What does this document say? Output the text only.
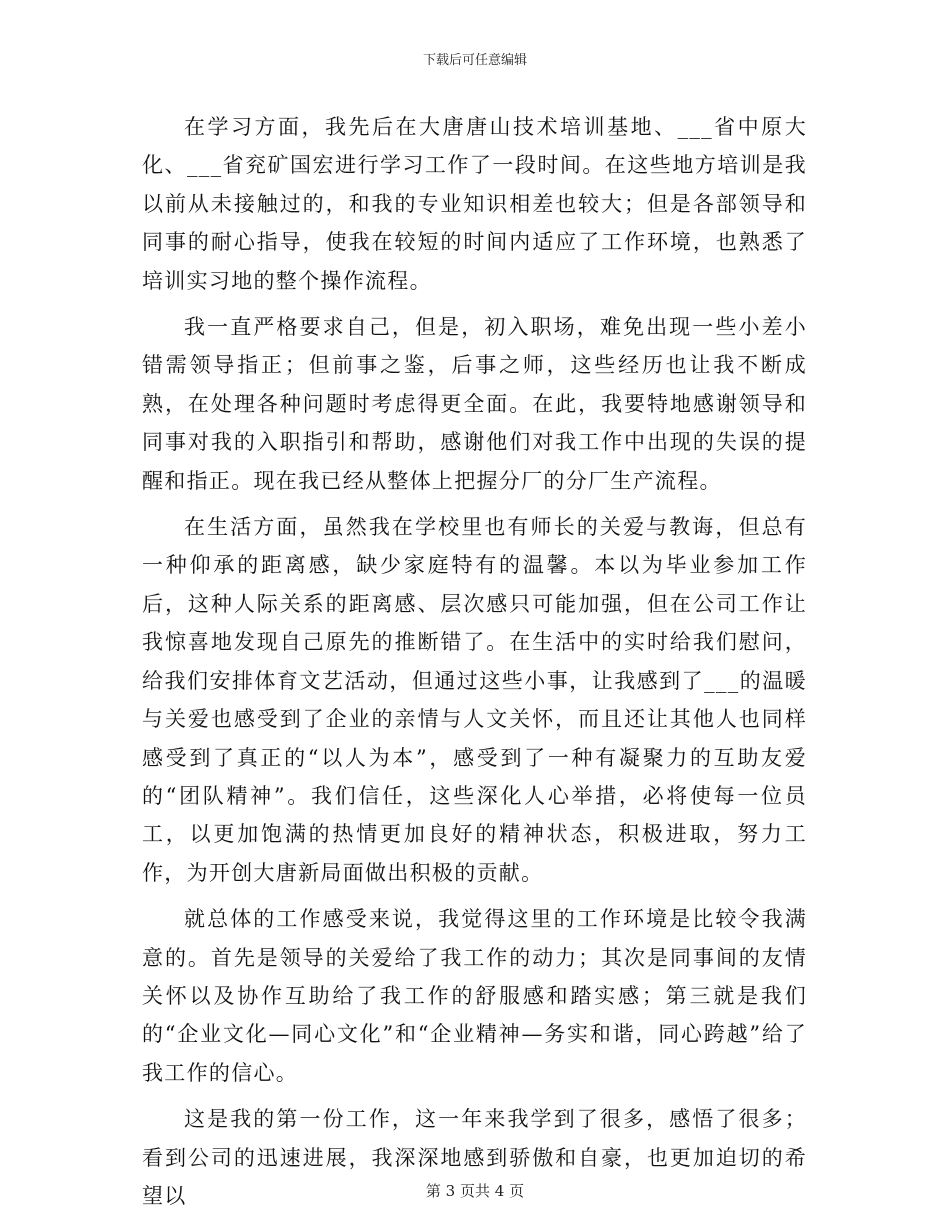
下载后可任意编辑

在学习方面，我先后在大唐唐山技术培训基地、___省中原大化、___省兖矿国宏进行学习工作了一段时间。在这些地方培训是我以前从未接触过的，和我的专业知识相差也较大；但是各部领导和同事的耐心指导，使我在较短的时间内适应了工作环境，也熟悉了培训实习地的整个操作流程。

我一直严格要求自己，但是，初入职场，难免出现一些小差小错需领导指正；但前事之鉴，后事之师，这些经历也让我不断成熟，在处理各种问题时考虑得更全面。在此，我要特地感谢领导和同事对我的入职指引和帮助，感谢他们对我工作中出现的失误的提醒和指正。现在我已经从整体上把握分厂的分厂生产流程。

在生活方面，虽然我在学校里也有师长的关爱与教诲，但总有一种仰承的距离感，缺少家庭特有的温馨。本以为毕业参加工作后，这种人际关系的距离感、层次感只可能加强，但在公司工作让我惊喜地发现自己原先的推断错了。在生活中的实时给我们慰问，给我们安排体育文艺活动，但通过这些小事，让我感到了___的温暖与关爱也感受到了企业的亲情与人文关怀，而且还让其他人也同样感受到了真正的“以人为本”，感受到了一种有凝聚力的互助友爱的“团队精神”。我们信任，这些深化人心举措，必将使每一位员工，以更加饱满的热情更加良好的精神状态，积极进取，努力工作，为开创大唐新局面做出积极的贡献。

就总体的工作感受来说，我觉得这里的工作环境是比较令我满意的。首先是领导的关爱给了我工作的动力；其次是同事间的友情关怀以及协作互助给了我工作的舒服感和踏实感；第三就是我们的“企业文化—同心文化”和“企业精神—务实和谐，同心跨越”给了我工作的信心。

这是我的第一份工作，这一年来我学到了很多，感悟了很多；看到公司的迅速进展，我深深地感到骄傲和自豪，也更加迫切的希望以	第 3 页共 4 页
